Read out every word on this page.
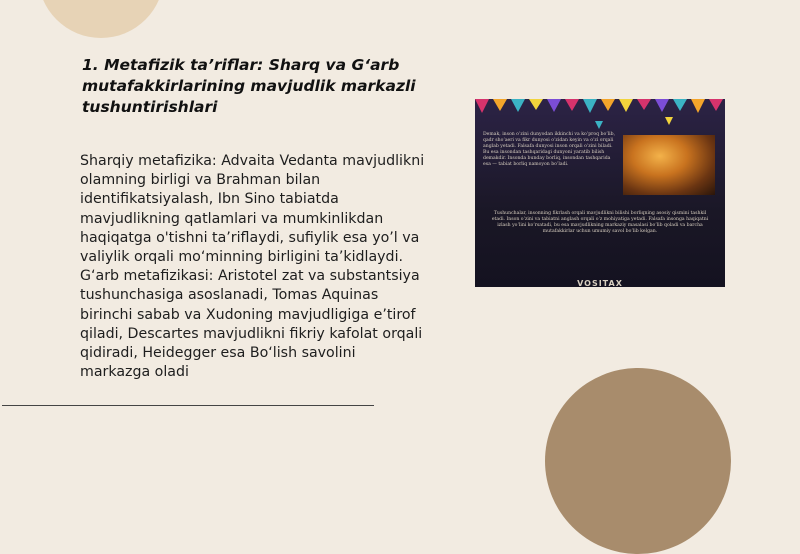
1. Metafizik ta’riflar: Sharq va G‘arb mutafakkirlarining mavjudlik markazli tushuntirishlari

Sharqiy metafizika: Advaita Vedanta mavjudlikni olamning birligi va Brahman bilan identifikatsiyalash, Ibn Sino tabiatda mavjudlikning qatlamlari va mumkinlikdan haqiqatga o'tishni ta’riflaydi, sufiylik esa yo’l va valiylik orqali mo‘minning birligini ta’kidlaydi. G‘arb metafizikasi: Aristotel zat va substantsiya tushunchasiga asoslanadi, Tomas Aquinas birinchi sabab va Xudoning mavjudligiga e’tirof qiladi, Descartes mavjudlikni fikriy kafolat orqali qidiradi, Heidegger esa Bo‘lish savolini markazga oladi

Demak, inson o‘zini dunyodan ikkinchi va ko‘proq bo‘lib, qadr sho‘aeri va fikr dunyosi o‘zidan keyin va o‘zi orqali anglab yetadi. Falsafa dunyosi inson orqali o‘zini biladi. Bu esa insondan tashqaridagi dunyoni yaratib bilish demakdir. Insonda bunday borliq, insondan tashqarida esa — tabiat borliq namoyon bo‘ladi.
Tushunchalar, insonning fikrlash orqali mavjudlikni bilishi borliqning asosiy qismini tashkil etadi. Inson o‘zini va tabiatni anglash orqali o‘z mohiyatiga yetadi. Falsafa insonga haqiqatni izlash yo‘lini ko‘rsatadi, bu esa mavjudlikning markaziy masalasi bo‘lib qoladi va barcha mutafakkirlar uchun umumiy savol bo‘lib kelgan.
VOSITAX
